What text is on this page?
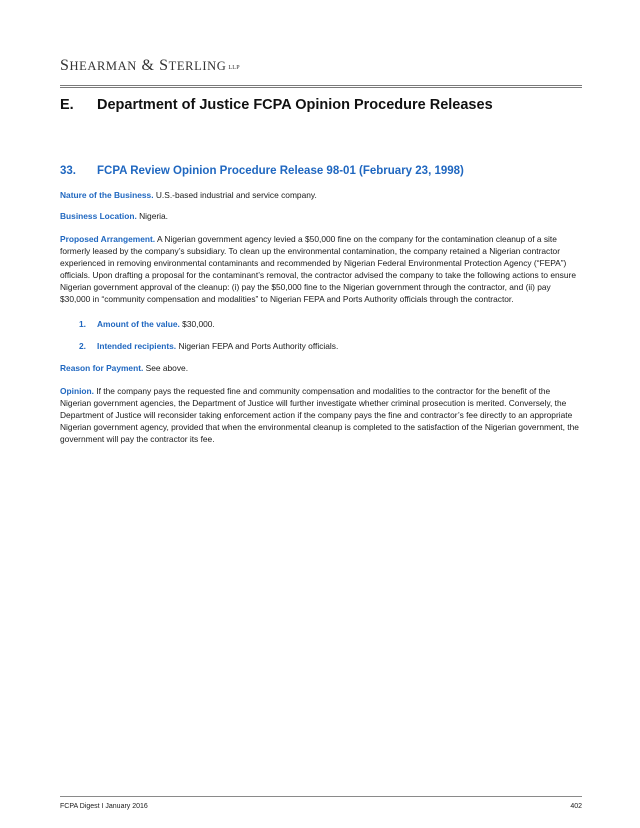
SHEARMAN & STERLING LLP
E. Department of Justice FCPA Opinion Procedure Releases
33. FCPA Review Opinion Procedure Release 98-01 (February 23, 1998)
Nature of the Business. U.S.-based industrial and service company.
Business Location. Nigeria.
Proposed Arrangement. A Nigerian government agency levied a $50,000 fine on the company for the contamination cleanup of a site formerly leased by the company’s subsidiary. To clean up the environmental contamination, the company retained a Nigerian contractor experienced in removing environmental contaminants and recommended by Nigerian Federal Environmental Protection Agency (“FEPA”) officials. Upon drafting a proposal for the contaminant’s removal, the contractor advised the company to take the following actions to ensure Nigerian government approval of the cleanup: (i) pay the $50,000 fine to the Nigerian government through the contractor, and (ii) pay $30,000 in “community compensation and modalities” to Nigerian FEPA and Ports Authority officials through the contractor.
1. Amount of the value. $30,000.
2. Intended recipients. Nigerian FEPA and Ports Authority officials.
Reason for Payment. See above.
Opinion. If the company pays the requested fine and community compensation and modalities to the contractor for the benefit of the Nigerian government agencies, the Department of Justice will further investigate whether criminal prosecution is merited. Conversely, the Department of Justice will reconsider taking enforcement action if the company pays the fine and contractor’s fee directly to an appropriate Nigerian government agency, provided that when the environmental cleanup is completed to the satisfaction of the Nigerian government, the government will pay the contractor its fee.
FCPA Digest I January 2016	402
